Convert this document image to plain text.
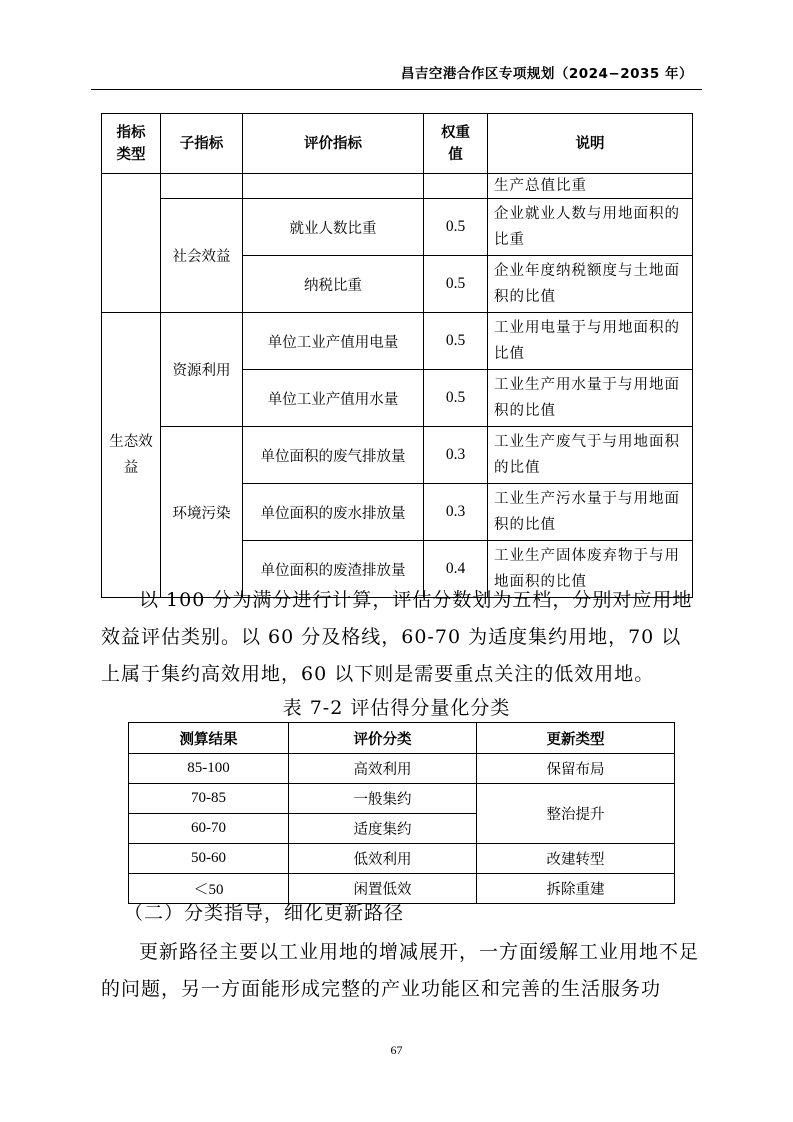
昌吉空港合作区专项规划（2024−2035 年）
指标类型	子指标	评价指标	权重值	说明
				生产总值比重
	社会效益	就业人数比重	0.5	企业就业人数与用地面积的比重
		纳税比重	0.5	企业年度纳税额度与土地面积的比值
生态效益	资源利用	单位工业产值用电量	0.5	工业用电量于与用地面积的比值
		单位工业产值用水量	0.5	工业生产用水量于与用地面积的比值
	环境污染	单位面积的废气排放量	0.3	工业生产废气于与用地面积的比值
		单位面积的废水排放量	0.3	工业生产污水量于与用地面积的比值
		单位面积的废渣排放量	0.4	工业生产固体废弃物于与用地面积的比值
以 100 分为满分进行计算，评估分数划为五档，分别对应用地效益评估类别。以 60 分及格线，60-70 为适度集约用地，70 以上属于集约高效用地，60 以下则是需要重点关注的低效用地。
表 7-2 评估得分量化分类
测算结果	评价分类	更新类型
85-100	高效利用	保留布局
70-85	一般集约	整治提升
60-70	适度集约	
50-60	低效利用	改建转型
＜50	闲置低效	拆除重建
（二）分类指导，细化更新路径
更新路径主要以工业用地的增减展开，一方面缓解工业用地不足的问题，另一方面能形成完整的产业功能区和完善的生活服务功
67
